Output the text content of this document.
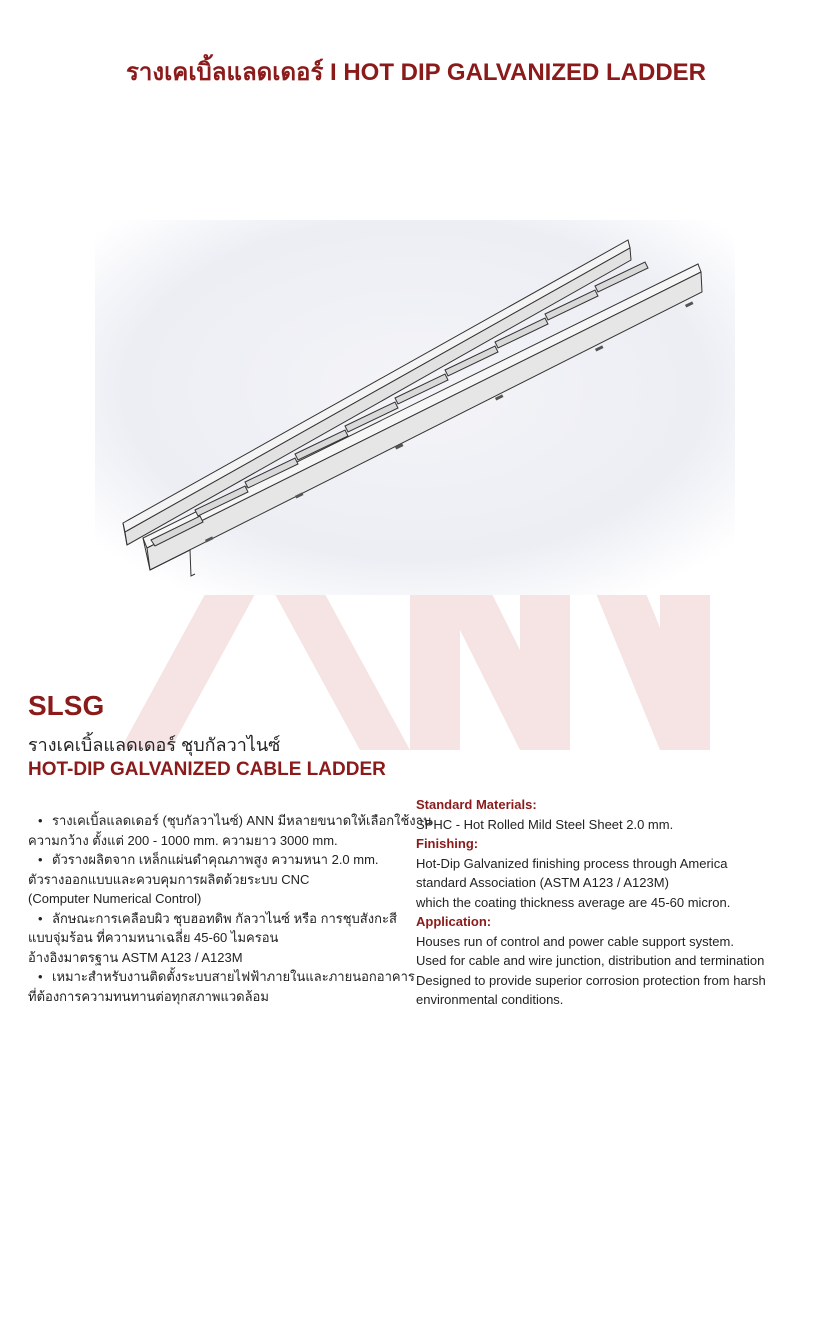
รางเคเบิ้ลแลดเดอร์ I HOT DIP GALVANIZED LADDER
SLSG
รางเคเบิ้ลแลดเดอร์ ชุบกัลวาไนซ์
HOT-DIP GALVANIZED CABLE LADDER
• รางเคเบิ้ลแลดเดอร์ (ชุบกัลวาไนซ์) ANN มีหลายขนาดให้เลือกใช้งาน
ความกว้าง ตั้งแต่ 200 - 1000 mm. ความยาว 3000 mm.
• ตัวรางผลิตจาก เหล็กแผ่นดำคุณภาพสูง ความหนา 2.0 mm.
ตัวรางออกแบบและควบคุมการผลิตด้วยระบบ CNC
(Computer Numerical Control)
• ลักษณะการเคลือบผิว ชุบฮอทดิพ กัลวาไนซ์ หรือ การชุบสังกะสี
แบบจุ่มร้อน ที่ความหนาเฉลี่ย 45-60 ไมครอน
อ้างอิงมาตรฐาน ASTM A123 / A123M
• เหมาะสำหรับงานติดตั้งระบบสายไฟฟ้าภายในและภายนอกอาคาร
ที่ต้องการความทนทานต่อทุกสภาพแวดล้อม
Standard Materials:
SPHC - Hot Rolled Mild Steel Sheet 2.0 mm.
Finishing:
Hot-Dip Galvanized finishing process through America
standard Association (ASTM A123 / A123M)
which the coating thickness average are 45-60 micron.
Application:
Houses run of control and power cable support system.
Used for cable and wire junction, distribution and termination
Designed to provide superior corrosion protection from harsh
environmental conditions.
